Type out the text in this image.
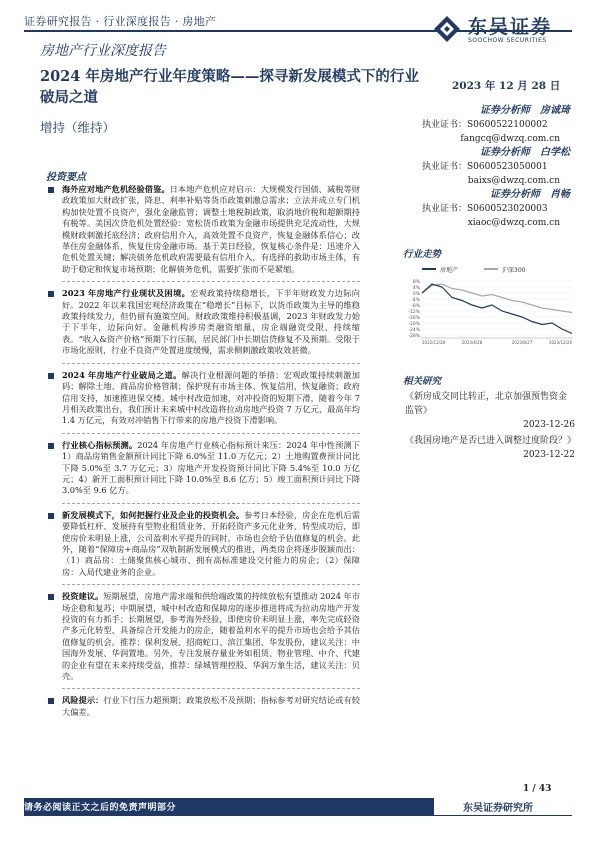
证券研究报告 · 行业深度报告 · 房地产
房地产行业深度报告
东吴证券
SOOCHOW SECURITIES
2024 年房地产行业年度策略——探寻新发展模式下的行业破局之道
增持（维持）
2023 年 12 月 28 日
证券分析师　 房诚琦
执业证书：S0600522100002
fangcq@dwzq.com.cn
证券分析师　 白学松
执业证书：S0600523050001
baixs@dwzq.com.cn
证券分析师　 肖畅
执业证书：S0600523020003
xiaoc@dwzq.com.cn
投资要点
海外应对地产危机经验借鉴。日本地产危机应对启示：大规模发行国债、减税等财政政策加大财政扩张，降息、利率补贴等货币政策刺激总需求；立法并成立专门机构加快处置不良资产，强化金融监管；调整土地税制政策，取消地价税和超额期持有税等。美国次贷危机处置经验：宽松货币政策为金融市场提供充足流动性，大规模财政刺激托底经济；政府信用介入，高效处置不良资产，恢复金融体系信心；改革住房金融体系，恢复住房金融市场。基于美日经验，恢复核心条件是：迅速介入危机处置关键；解决债务危机政府需要最有信用介入，有选择的救助市场主体，有助于稳定和恢复市场预期；化解债务危机，需要扩张而不是紧缩。
2023 年房地产行业现状及困境。宏观政策持续稳增长，下半年财政发力边际向好。2022 年以来我国宏观经济政策在“稳增长”目标下，以货币政策为主导的维稳政策持续发力，但仍留有施策空间。财政政策维持积极基调，2023 年财政发力始于下半年，边际向好。金融机构涉房类融资缩量，房企端融资受限、持续缩表。“收入&资产价格”预期下行压制，居民部门中长期信贷修复不及预期。受限于市场化原则，行业不良资产处置进度缓慢，需求侧刺激政策收效甚微。
2024 年房地产行业破局之道。解决行业根源问题的举措：宏观政策持续刺激加码；解除土地、商品房价格管制；保护现有市场主体、恢复信用，恢复融资；政府信用支持，加速推进保交楼。城中村改造加速，对冲投资的短期下滑，随着今年 7 月相关政策出台，我们预计未来城中村改造将拉动房地产投资 7 万亿元，最高年均 1.4 万亿元，有效对冲销售下行带来的房地产投资下滑影响。
行业核心指标预测。2024 年房地产行业核心指标预计来压：2024 年中性预测下 1）商品房销售金额预计同比下降 6.0%至 11.0 万亿元；2）土地购置费预计同比下降 5.0%至 3.7 万亿元；3）房地产开发投资预计同比下降 5.4%至 10.0 万亿元；4）新开工面积预计同比下降 10.0%至 8.6 亿方；5）竣工面积预计同比下降 3.0%至 9.6 亿方。
新发展模式下，如何把握行业及企业的投资机会。参考日本经验，房企在危机后需要降低杠杆、发展持有型物业租赁业务、开拓轻资产多元化业务、转型成功后，即使房价未明显上涨，公司盈利水平提升的同时，市场也会给予估值修复的机会。此外，随着“保障房+商品房”双轨制新发展模式的推进，两类房企将逐步脱颖而出：（1）商品房：土储聚焦核心城市、拥有高标准建设交付能力的房企；（2）保障房：入局代建业务的企业。
投资建议。短期展望，房地产需求端和供给端政策的持续放松有望推动 2024 年市场企稳和复苏；中期展望，城中村改造和保障房的逐步推进将成为拉动房地产开发投资的有力抓手；长期展望，参考海外经验，即使房价未明显上涨，率先完成轻资产多元化转型、具备综合开发能力的房企，随着盈利水平的提升市场也会给予其估值修复的机会。推荐：保利发展、招商蛇口、滨江集团、华发股份，建议关注：中国海外发展、华润置地。另外，专注发展存量业务如租赁、物业管理、中介、代建的企业有望在未来持续受益，推荐：绿城管理控股、华润万象生活，建议关注：贝壳。
风险提示：行业下行压力超预期；政策放松不及预期；指标参考对研究结论或有较大偏差。
行业走势
房地产	沪深300
8%
4%
0%
-4%
-8%
-12%
-16%
-20%
-24%
-28%
2022/12/28	2023/4/28	2023/8/27	2023/12/26
相关研究
《新房成交同比转正，北京加强预售资金监管》
2023-12-26
《我国房地产是否已进入调整过度阶段？》
2023-12-22
1 / 43
请务必阅读正文之后的免责声明部分	东吴证券研究所
